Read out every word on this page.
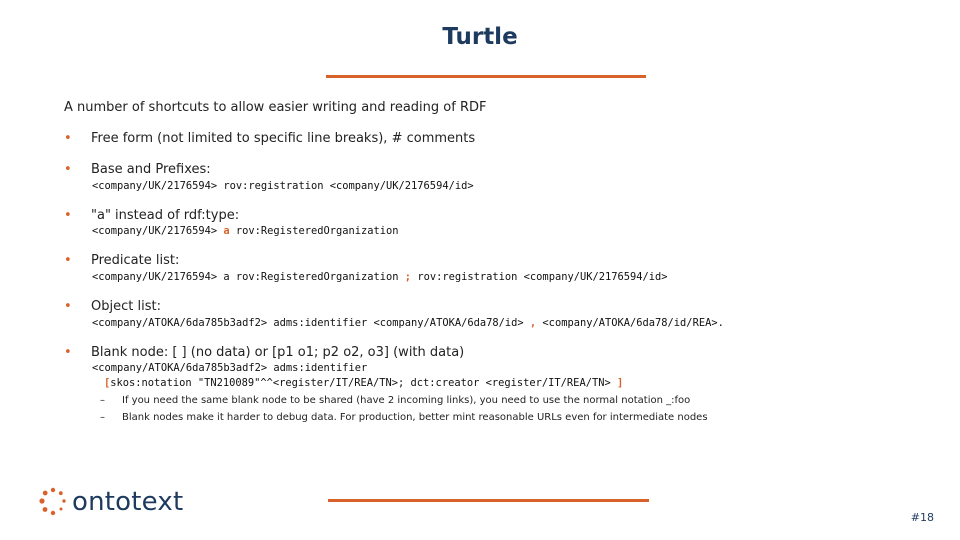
Turtle
A number of shortcuts to allow easier writing and reading of RDF
• Free form (not limited to specific line breaks), # comments
• Base and Prefixes:
<company/UK/2176594> rov:registration <company/UK/2176594/id>
• "a" instead of rdf:type:
<company/UK/2176594> a rov:RegisteredOrganization
• Predicate list:
<company/UK/2176594> a rov:RegisteredOrganization ; rov:registration <company/UK/2176594/id>
• Object list:
<company/ATOKA/6da785b3adf2> adms:identifier <company/ATOKA/6da78/id> , <company/ATOKA/6da78/id/REA>.
• Blank node: [ ] (no data) or [p1 o1; p2 o2, o3] (with data)
<company/ATOKA/6da785b3adf2> adms:identifier
[skos:notation "TN210089"^^<register/IT/REA/TN>; dct:creator <register/IT/REA/TN> ]
– If you need the same blank node to be shared (have 2 incoming links), you need to use the normal notation _:foo
– Blank nodes make it harder to debug data. For production, better mint reasonable URLs even for intermediate nodes
ontotext
#18
